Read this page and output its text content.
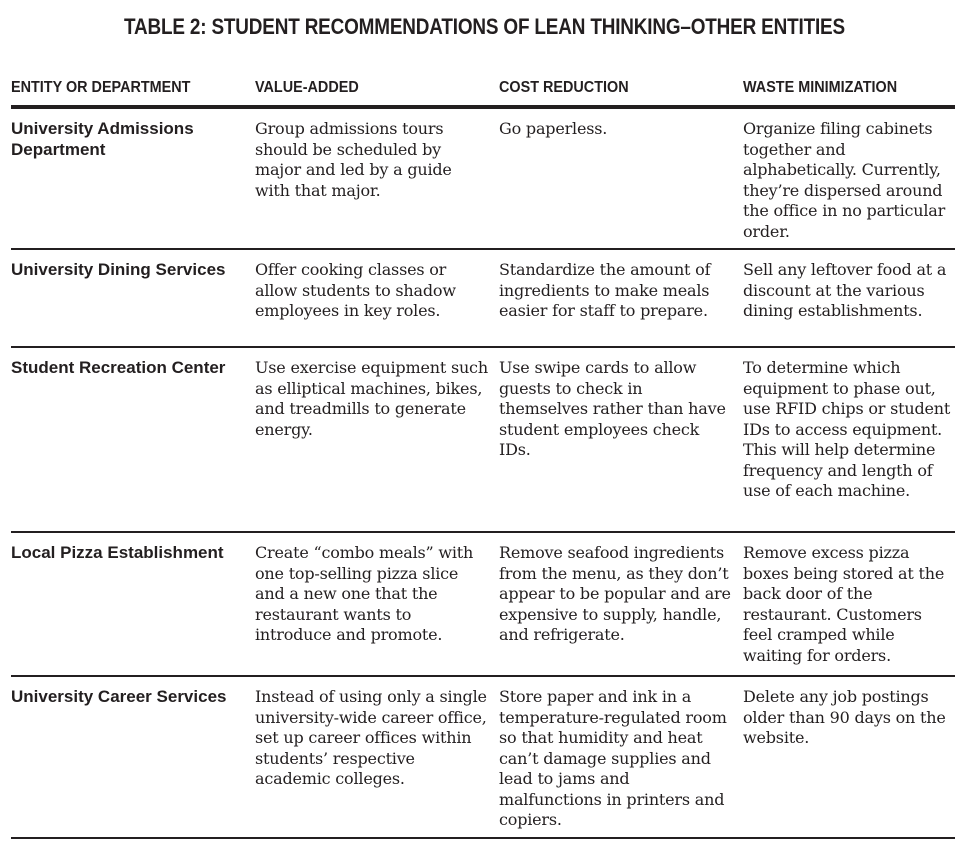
TABLE 2: STUDENT RECOMMENDATIONS OF LEAN THINKING–OTHER ENTITIES
ENTITY OR DEPARTMENT	VALUE-ADDED	COST REDUCTION	WASTE MINIMIZATION
University Admissions Department	Group admissions tours should be scheduled by major and led by a guide with that major.	Go paperless.	Organize filing cabinets together and alphabetically. Currently, they’re dispersed around the office in no particular order.
University Dining Services	Offer cooking classes or allow students to shadow employees in key roles.	Standardize the amount of ingredients to make meals easier for staff to prepare.	Sell any leftover food at a discount at the various dining establishments.
Student Recreation Center	Use exercise equipment such as elliptical machines, bikes, and treadmills to generate energy.	Use swipe cards to allow guests to check in themselves rather than have student employees check IDs.	To determine which equipment to phase out, use RFID chips or student IDs to access equipment. This will help determine frequency and length of use of each machine.
Local Pizza Establishment	Create “combo meals” with one top-selling pizza slice and a new one that the restaurant wants to introduce and promote.	Remove seafood ingredients from the menu, as they don’t appear to be popular and are expensive to supply, handle, and refrigerate.	Remove excess pizza boxes being stored at the back door of the restaurant. Customers feel cramped while waiting for orders.
University Career Services	Instead of using only a single university-wide career office, set up career offices within students’ respective academic colleges.	Store paper and ink in a temperature-regulated room so that humidity and heat can’t damage supplies and lead to jams and malfunctions in printers and copiers.	Delete any job postings older than 90 days on the website.
